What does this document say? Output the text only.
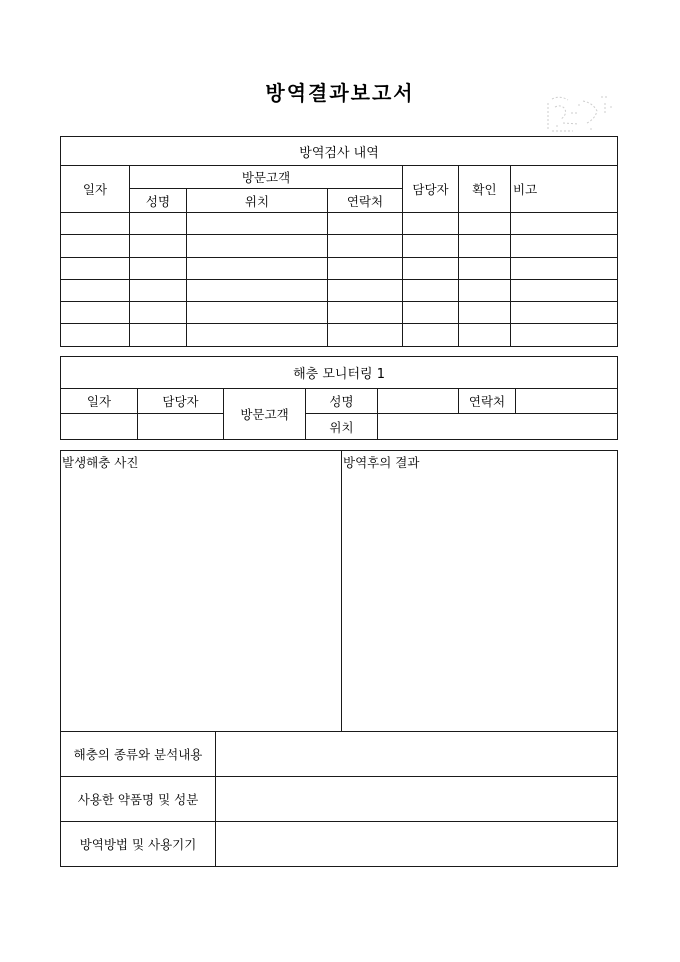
방역결과보고서
방역검사 내역						
일자	방문고객			담당자	확인	비고
	성명	위치	연락처			

해충 모니터링 1						
일자	담당자	방문고객	성명		연락처	
			위치			
발생해충 사진		방역후의 결과
해충의 종류와 분석내용		
사용한 약품명 및 성분		
방역방법 및 사용기기		
